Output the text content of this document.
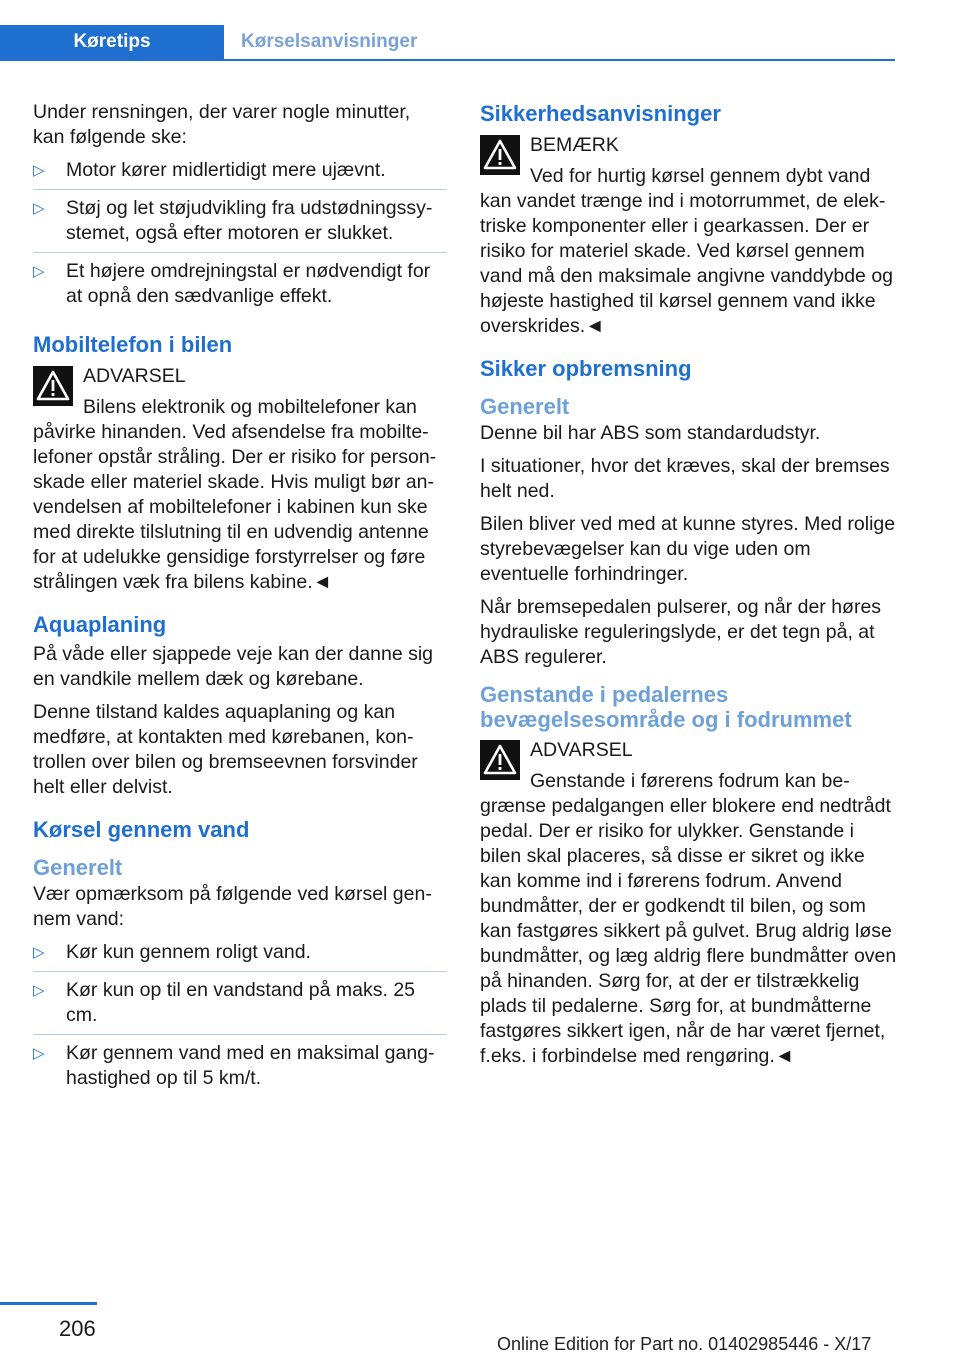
Køretips	Kørselsanvisninger

Under rensningen, der varer nogle minutter, kan følgende ske:

▷ Motor kører midlertidigt mere ujævnt.
▷ Støj og let støjudvikling fra udstødningssystemet, også efter motoren er slukket.
▷ Et højere omdrejningstal er nødvendigt for at opnå den sædvanlige effekt.
Mobiltelefon i bilen
ADVARSEL
Bilens elektronik og mobiltelefoner kan påvirke hinanden. Ved afsendelse fra mobiltelefoner opstår stråling. Der er risiko for personskade eller materiel skade. Hvis muligt bør anvendelsen af mobiltelefoner i kabinen kun ske med direkte tilslutning til en udvendig antenne for at udelukke gensidige forstyrrelser og føre strålingen væk fra bilens kabine.◄
Aquaplaning

På våde eller sjappede veje kan der danne sig en vandkile mellem dæk og kørebane.

Denne tilstand kaldes aquaplaning og kan medføre, at kontakten med kørebanen, kontrollen over bilen og bremseevnen forsvinder helt eller delvist.

Kørsel gennem vand
Generelt

Vær opmærksom på følgende ved kørsel gennem vand:

▷ Kør kun gennem roligt vand.
▷ Kør kun op til en vandstand på maks. 25 cm.
▷ Kør gennem vand med en maksimal ganghastighed op til 5 km/t.
Sikkerhedsanvisninger
BEMÆRK
Ved for hurtig kørsel gennem dybt vand kan vandet trænge ind i motorrummet, de elektriske komponenter eller i gearkassen. Der er risiko for materiel skade. Ved kørsel gennem vand må den maksimale angivne vanddybde og højeste hastighed til kørsel gennem vand ikke overskrides.◄
Sikker opbremsning
Generelt

Denne bil har ABS som standardudstyr.

I situationer, hvor det kræves, skal der bremses helt ned.

Bilen bliver ved med at kunne styres. Med rolige styrebevægelser kan du vige uden om eventuelle forhindringer.

Når bremsepedalen pulserer, og når der høres hydrauliske reguleringslyde, er det tegn på, at ABS regulerer.

Genstande i pedalernes bevægelsesområde og i fodrummet
ADVARSEL
Genstande i førerens fodrum kan begrænse pedalgangen eller blokere end nedtrådt pedal. Der er risiko for ulykker. Genstande i bilen skal placeres, så disse er sikret og ikke kan komme ind i førerens fodrum. Anvend bundmåtter, der er godkendt til bilen, og som kan fastgøres sikkert på gulvet. Brug aldrig løse bundmåtter, og læg aldrig flere bundmåtter oven på hinanden. Sørg for, at der er tilstrækkelig plads til pedalerne. Sørg for, at bundmåtterne fastgøres sikkert igen, når de har været fjernet, f.eks. i forbindelse med rengøring.◄
206
Online Edition for Part no. 01402985446 - X/17
